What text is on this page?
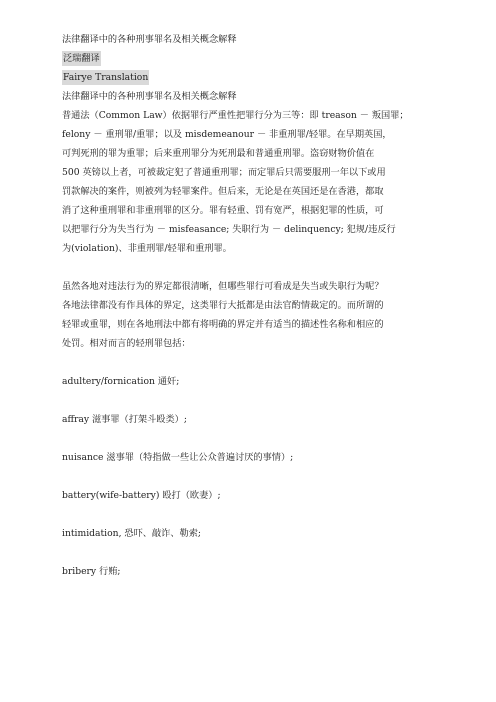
法律翻译中的各种刑事罪名及相关概念解释
泛瑞翻译
Fairye Translation
法律翻译中的各种刑事罪名及相关概念解释
普通法（Common Law）依据罪行严重性把罪行分为三等：即 treason － 叛国罪；
felony － 重刑罪/重罪；以及 misdemeanour － 非重刑罪/轻罪。在早期英国，
可判死刑的罪为重罪；后来重刑罪分为死刑最和普通重刑罪。盗窃财物价值在
500 英镑以上者，可被裁定犯了普通重刑罪；而定罪后只需要服刑一年以下或用
罚款解决的案件，则被列为轻罪案件。但后来，无论是在英国还是在香港，都取
消了这种重刑罪和非重刑罪的区分。罪有轻重、罚有宽严，根据犯罪的性质，可
以把罪行分为失当行为 － misfeasance; 失职行为 － delinquency; 犯规/违反行
为(violation)、非重刑罪/轻罪和重刑罪。
虽然各地对违法行为的界定都很清晰，但哪些罪行可看成是失当或失职行为呢？
各地法律都没有作具体的界定，这类罪行大抵都是由法官酌情裁定的。而所谓的
轻罪或重罪，则在各地刑法中都有将明确的界定并有适当的描述性名称和相应的
处罚。相对而言的轻刑罪包括：
adultery/fornication 通奸;
affray 滋事罪（打架斗殴类）;
nuisance 滋事罪（特指做一些让公众普遍讨厌的事情）;
battery(wife-battery) 殴打（欧妻）;
intimidation, 恐吓、敲诈、勒索;
bribery 行贿;
